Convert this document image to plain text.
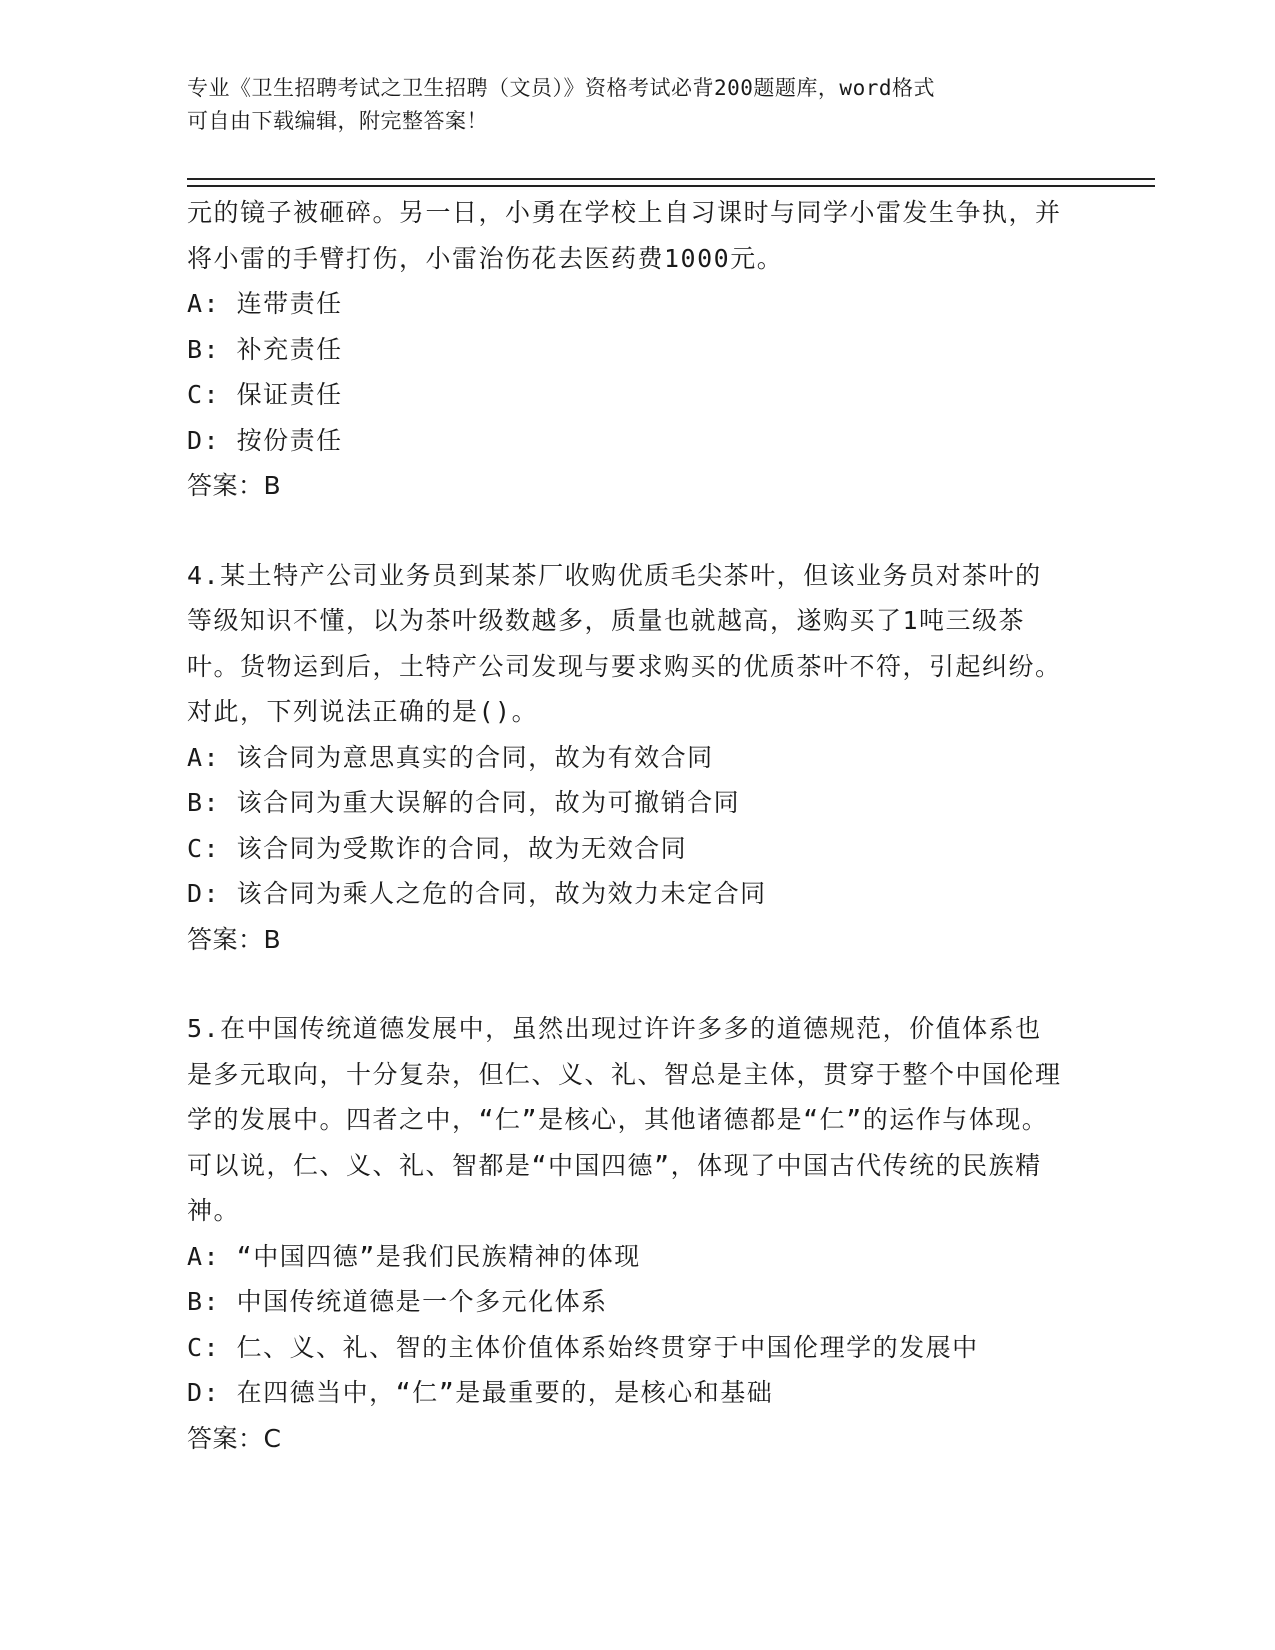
专业《卫生招聘考试之卫生招聘（文员）》资格考试必背200题题库，word格式
可自由下载编辑，附完整答案！

元的镜子被砸碎。另一日，小勇在学校上自习课时与同学小雷发生争执，并将小雷的手臂打伤，小雷治伤花去医药费1000元。

A: 连带责任

B: 补充责任

C: 保证责任

D: 按份责任

答案：B

4.某土特产公司业务员到某茶厂收购优质毛尖茶叶，但该业务员对茶叶的等级知识不懂，以为茶叶级数越多，质量也就越高，遂购买了1吨三级茶叶。货物运到后，土特产公司发现与要求购买的优质茶叶不符，引起纠纷。对此，下列说法正确的是()。

A: 该合同为意思真实的合同，故为有效合同

B: 该合同为重大误解的合同，故为可撤销合同

C: 该合同为受欺诈的合同，故为无效合同

D: 该合同为乘人之危的合同，故为效力未定合同

答案：B

5.在中国传统道德发展中，虽然出现过许许多多的道德规范，价值体系也是多元取向，十分复杂，但仁、义、礼、智总是主体，贯穿于整个中国伦理学的发展中。四者之中，“仁”是核心，其他诸德都是“仁”的运作与体现。可以说，仁、义、礼、智都是“中国四德”，体现了中国古代传统的民族精神。

A: “中国四德”是我们民族精神的体现

B: 中国传统道德是一个多元化体系

C: 仁、义、礼、智的主体价值体系始终贯穿于中国伦理学的发展中

D: 在四德当中，“仁”是最重要的，是核心和基础

答案：C
